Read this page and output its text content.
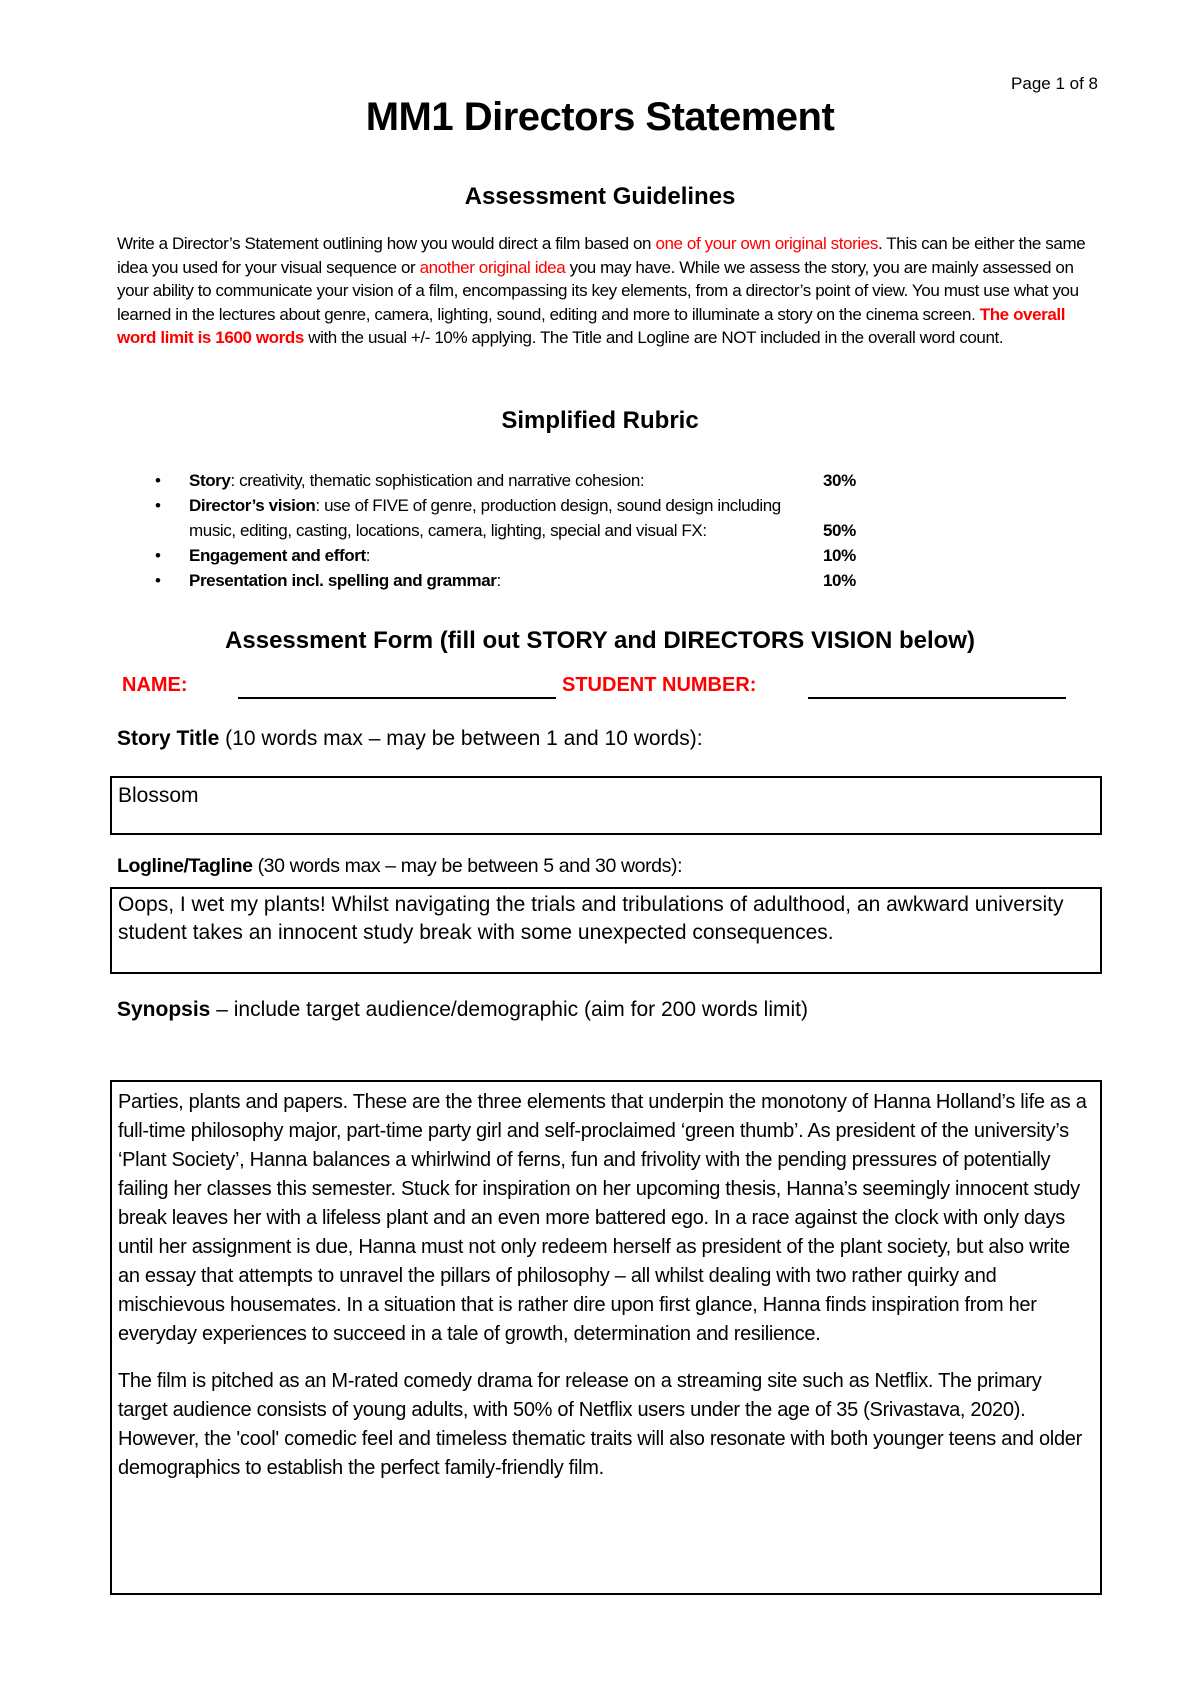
Page 1 of 8
MM1 Directors Statement
Assessment Guidelines
Write a Director’s Statement outlining how you would direct a film based on one of your own original stories. This can be either the same idea you used for your visual sequence or another original idea you may have. While we assess the story, you are mainly assessed on your ability to communicate your vision of a film, encompassing its key elements, from a director’s point of view. You must use what you learned in the lectures about genre, camera, lighting, sound, editing and more to illuminate a story on the cinema screen. The overall word limit is 1600 words with the usual +/- 10% applying. The Title and Logline are NOT included in the overall word count.
Simplified Rubric
• Story: creativity, thematic sophistication and narrative cohesion:	30%
• Director’s vision: use of FIVE of genre, production design, sound design including music, editing, casting, locations, camera, lighting, special and visual FX:	50%
• Engagement and effort:	10%
• Presentation incl. spelling and grammar:	10%
Assessment Form (fill out STORY and DIRECTORS VISION below)
NAME:	STUDENT NUMBER:
Story Title (10 words max – may be between 1 and 10 words):
Blossom
Logline/Tagline (30 words max – may be between 5 and 30 words):
Oops, I wet my plants! Whilst navigating the trials and tribulations of adulthood, an awkward university student takes an innocent study break with some unexpected consequences.
Synopsis – include target audience/demographic (aim for 200 words limit)

Parties, plants and papers. These are the three elements that underpin the monotony of Hanna Holland’s life as a full-time philosophy major, part-time party girl and self-proclaimed ‘green thumb’. As president of the university’s ‘Plant Society’, Hanna balances a whirlwind of ferns, fun and frivolity with the pending pressures of potentially failing her classes this semester. Stuck for inspiration on her upcoming thesis, Hanna’s seemingly innocent study break leaves her with a lifeless plant and an even more battered ego. In a race against the clock with only days until her assignment is due, Hanna must not only redeem herself as president of the plant society, but also write an essay that attempts to unravel the pillars of philosophy – all whilst dealing with two rather quirky and mischievous housemates. In a situation that is rather dire upon first glance, Hanna finds inspiration from her everyday experiences to succeed in a tale of growth, determination and resilience.

The film is pitched as an M-rated comedy drama for release on a streaming site such as Netflix. The primary target audience consists of young adults, with 50% of Netflix users under the age of 35 (Srivastava, 2020). However, the 'cool' comedic feel and timeless thematic traits will also resonate with both younger teens and older demographics to establish the perfect family-friendly film.
